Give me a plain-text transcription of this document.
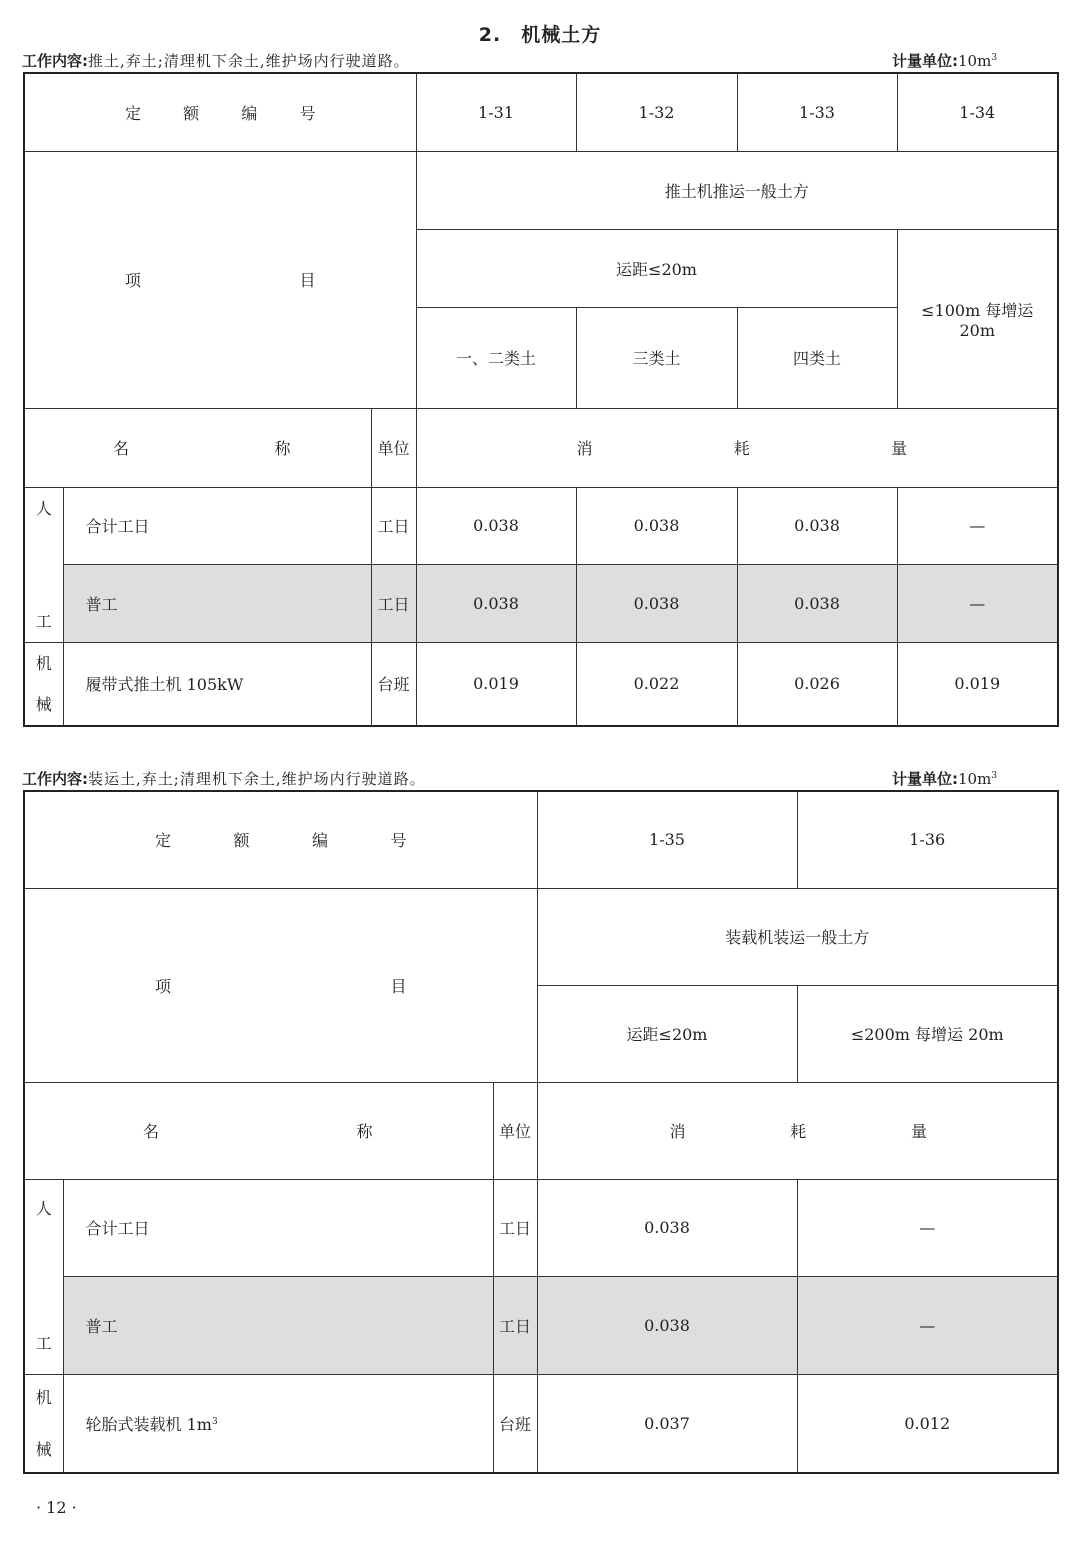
2.　机械土方
工作内容:推土,弃土;清理机下余土,维护场内行驶道路。	计量单位$:10m^3$
定 额 编 号			1-31	1-32	1-33	1-34

项 目			推土机推运一般土方			
			运距≤20m			≤100m 每增运
20m

			一、二类土	三类土	四类土	

名 称		单位	消 耗 量			

人
工	合计工日	工日	0.038	0.038	0.038	—
	普工	工日	0.038	0.038	0.038	—

机
械	履带式推土机 105kW	台班	0.019	0.022	0.026	0.019
工作内容:装运土,弃土;清理机下余土,维护场内行驶道路。	计量单位$:10m^3$
定 额 编 号			1-35	1-36

项 目			装载机装运一般土方	
			运距≤20m	≤200m 每增运 20m

名 称		单位	消 耗 量	

人
工	合计工日	工日	0.038	—
	普工	工日	0.038	—

机
械	轮胎式装载机 $1m^3$	台班	0.037	0.012
· 12 ·
